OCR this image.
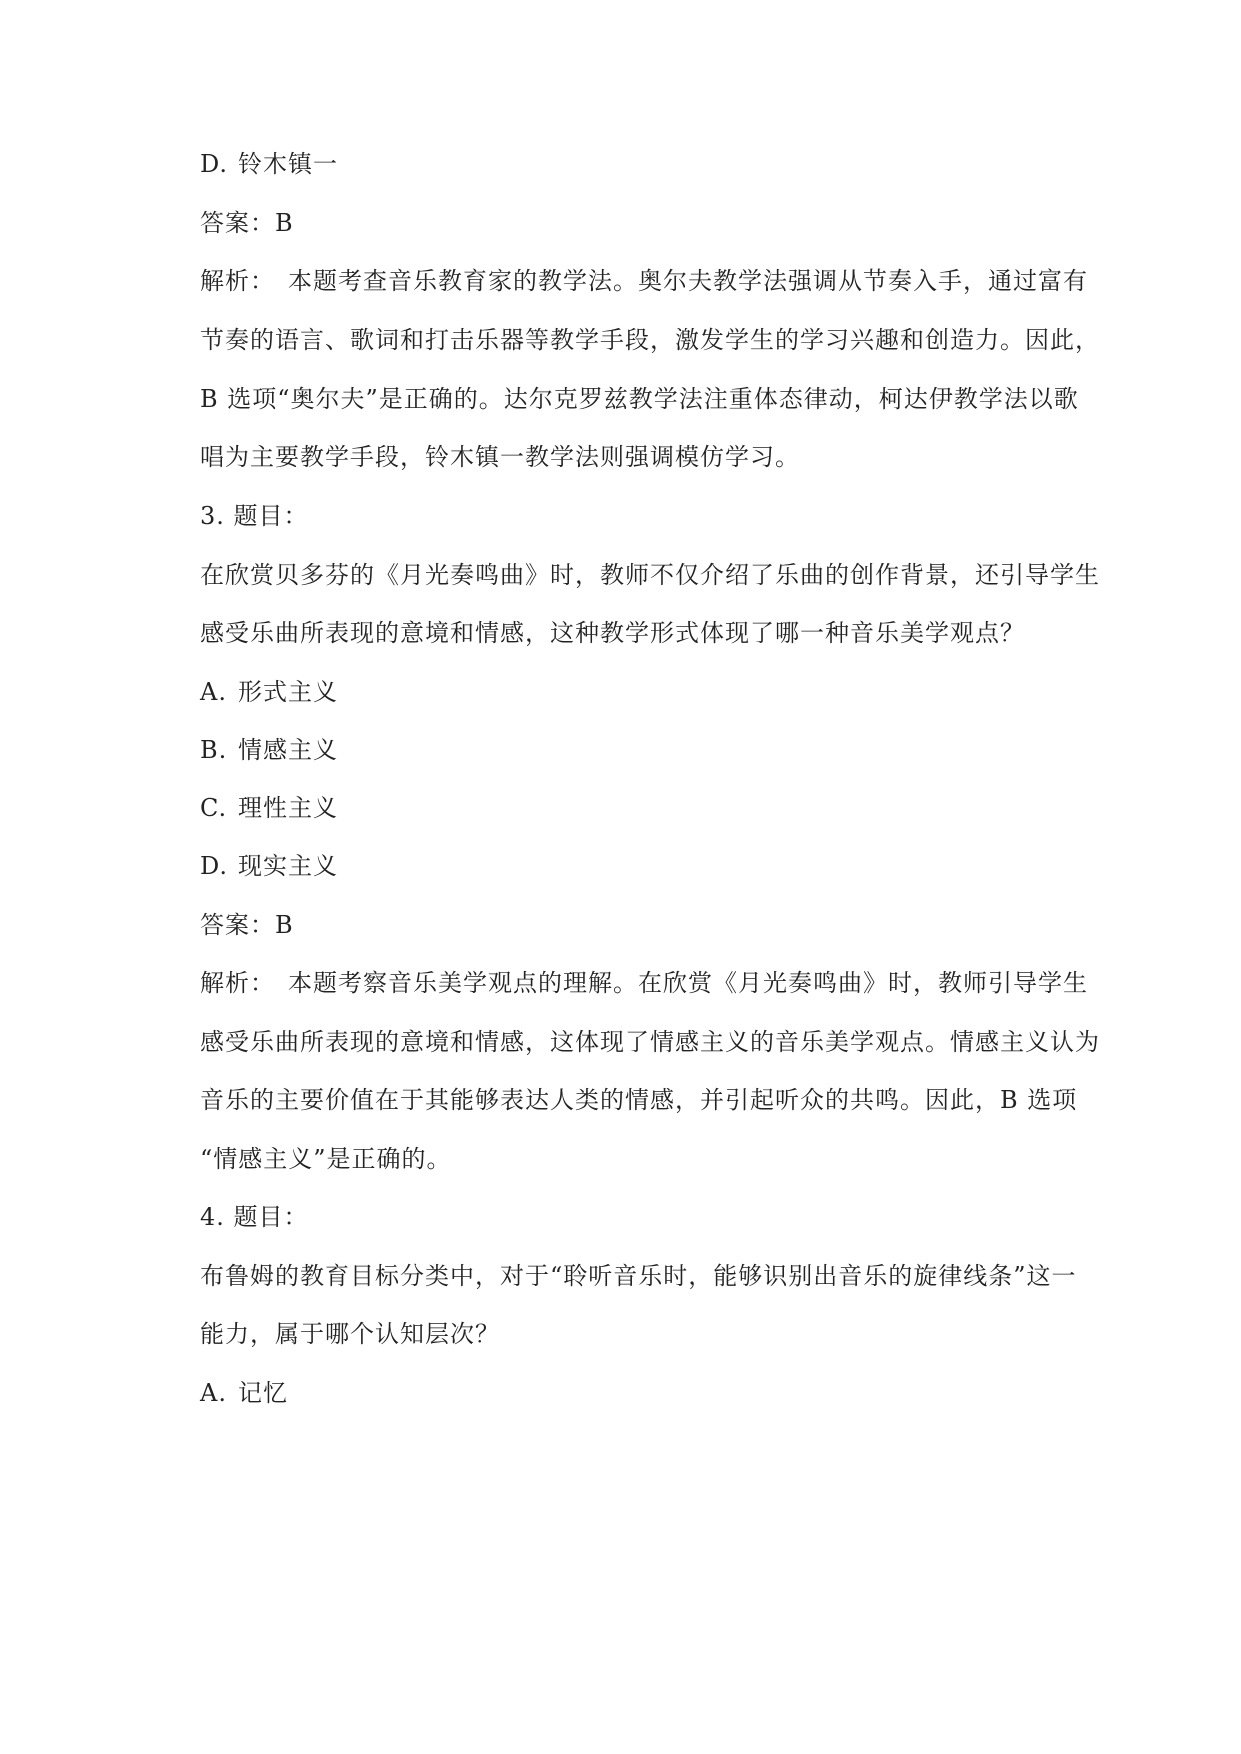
D. 铃木镇一
答案：B
解析： 本题考查音乐教育家的教学法。奥尔夫教学法强调从节奏入手，通过富有
节奏的语言、歌词和打击乐器等教学手段，激发学生的学习兴趣和创造力。因此，
B 选项“奥尔夫”是正确的。达尔克罗兹教学法注重体态律动，柯达伊教学法以歌
唱为主要教学手段，铃木镇一教学法则强调模仿学习。
3. 题目：
在欣赏贝多芬的《月光奏鸣曲》时，教师不仅介绍了乐曲的创作背景，还引导学生
感受乐曲所表现的意境和情感，这种教学形式体现了哪一种音乐美学观点？
A. 形式主义
B. 情感主义
C. 理性主义
D. 现实主义
答案：B
解析： 本题考察音乐美学观点的理解。在欣赏《月光奏鸣曲》时，教师引导学生
感受乐曲所表现的意境和情感，这体现了情感主义的音乐美学观点。情感主义认为
音乐的主要价值在于其能够表达人类的情感，并引起听众的共鸣。因此，B 选项
“情感主义”是正确的。
4. 题目：
布鲁姆的教育目标分类中，对于“聆听音乐时，能够识别出音乐的旋律线条”这一
能力，属于哪个认知层次？
A. 记忆
